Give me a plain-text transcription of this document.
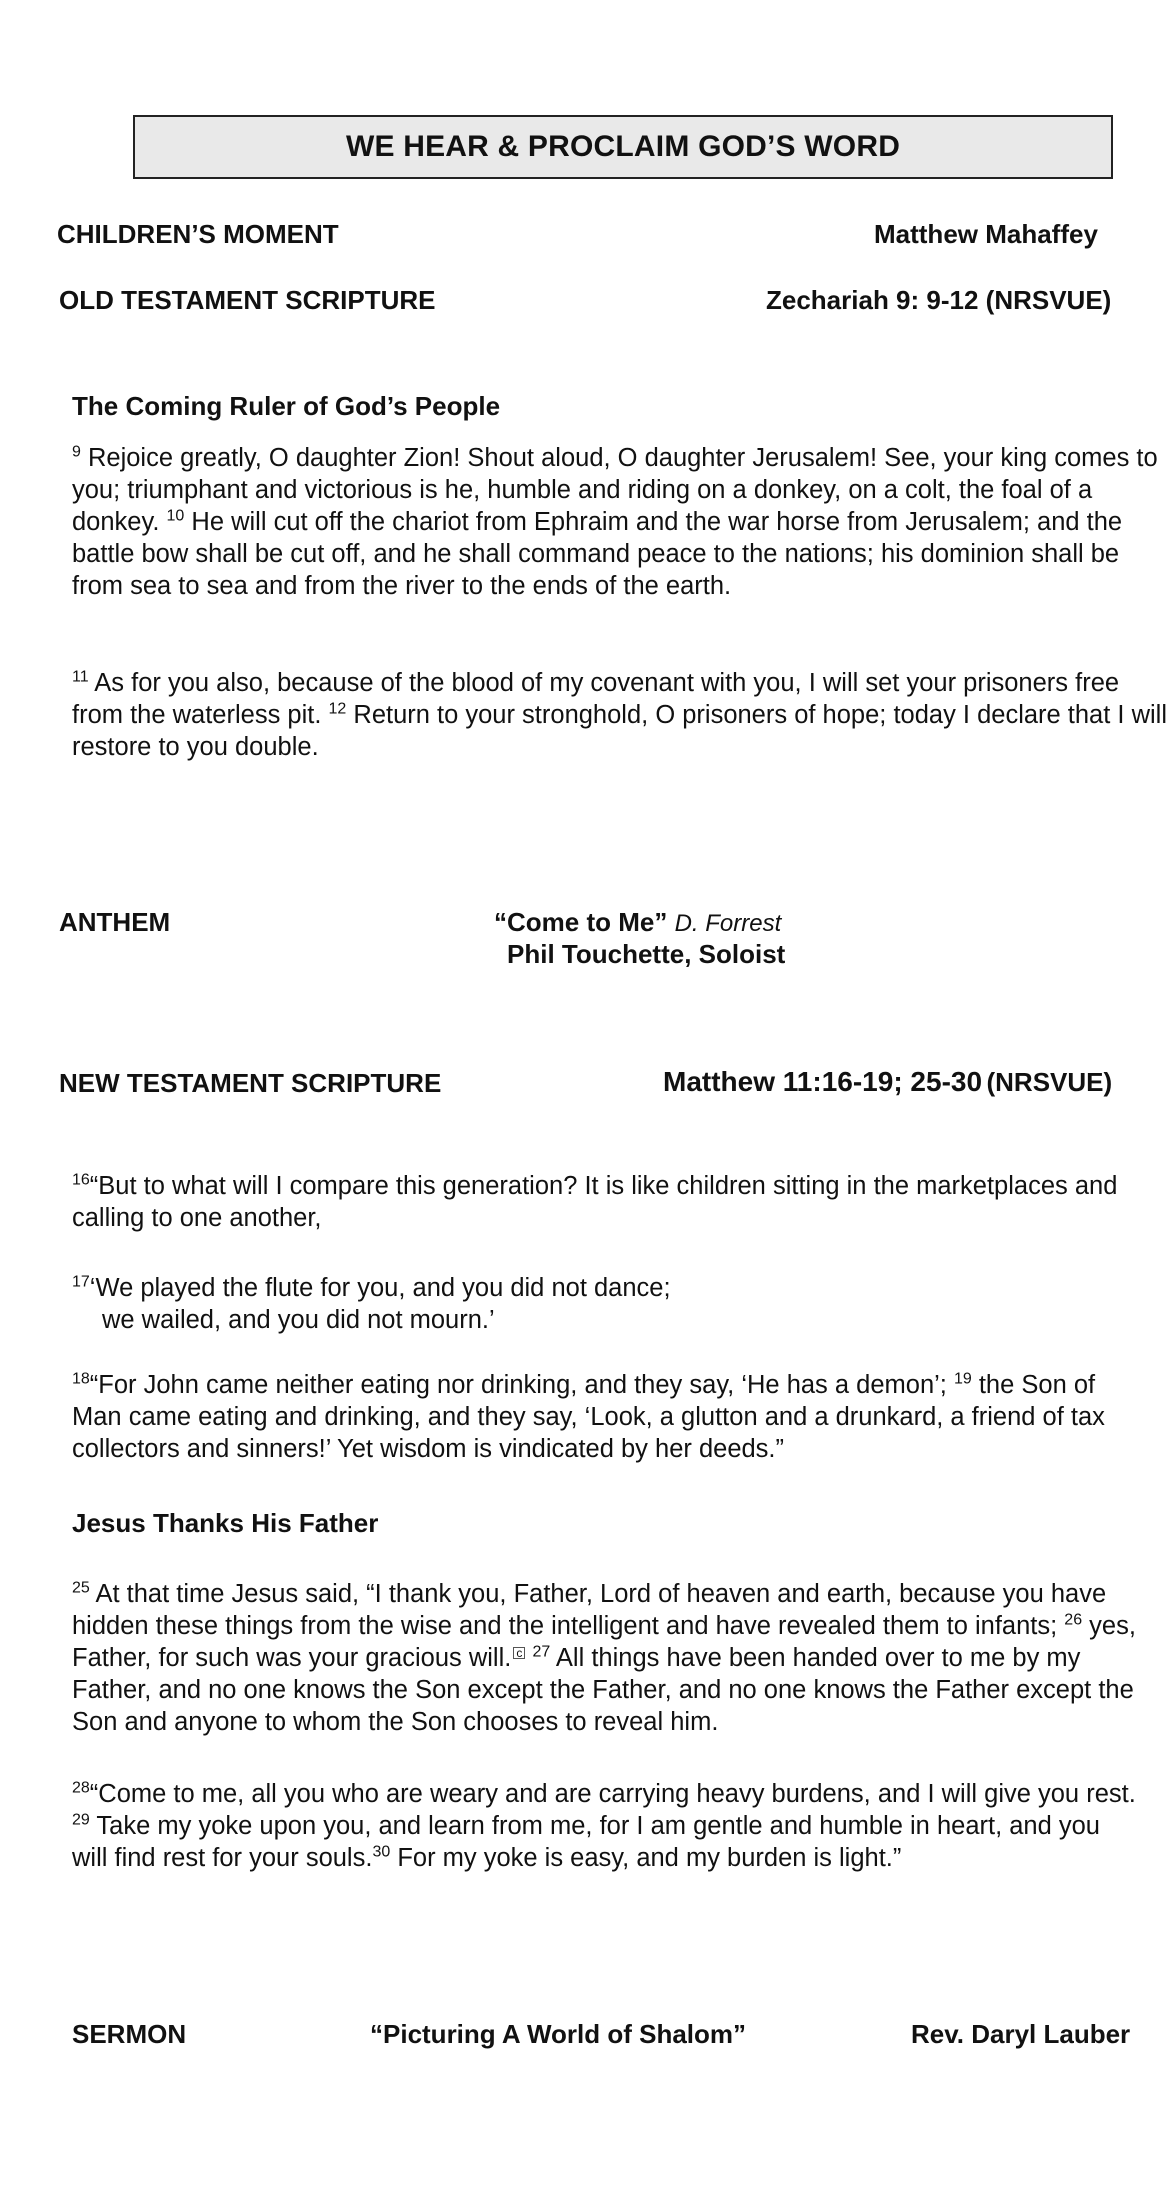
WE HEAR & PROCLAIM GOD’S WORD
CHILDREN’S MOMENT	Matthew Mahaffey
OLD TESTAMENT SCRIPTURE	Zechariah 9: 9-12 (NRSVUE)
The Coming Ruler of God’s People

$^9$ Rejoice greatly, O daughter Zion! Shout aloud, O daughter Jerusalem! See, your king comes to you; triumphant and victorious is he, humble and riding on a donkey, on a colt, the foal of a donkey. $^{10}$ He will cut off the chariot from Ephraim and the war horse from Jerusalem; and the battle bow shall be cut off, and he shall command peace to the nations; his dominion shall be from sea to sea and from the river to the ends of the earth.

$^{11}$ As for you also, because of the blood of my covenant with you, I will set your prisoners free from the waterless pit. $^{12}$ Return to your stronghold, O prisoners of hope; today I declare that I will restore to you double.

ANTHEM	“Come to Me” D. Forrest
Phil Touchette, Soloist
NEW TESTAMENT SCRIPTURE	Matthew 11:16-19; 25-30 (NRSVUE)

$^{16}$“But to what will I compare this generation? It is like children sitting in the marketplaces and calling to one another,

$^{17}$‘We played the flute for you, and you did not dance;

we wailed, and you did not mourn.’

$^{18}$“For John came neither eating nor drinking, and they say, ‘He has a demon’; $^{19}$ the Son of Man came eating and drinking, and they say, ‘Look, a glutton and a drunkard, a friend of tax collectors and sinners!’ Yet wisdom is vindicated by her deeds.”

Jesus Thanks His Father

$^{25}$ At that time Jesus said, “I thank you, Father, Lord of heaven and earth, because you have hidden these things from the wise and the intelligent and have revealed them to infants; $^{26}$ yes, Father, for such was your gracious will. c $^{27}$ All things have been handed over to me by my Father, and no one knows the Son except the Father, and no one knows the Father except the Son and anyone to whom the Son chooses to reveal him.

$^{28}$“Come to me, all you who are weary and are carrying heavy burdens, and I will give you rest. $^{29}$ Take my yoke upon you, and learn from me, for I am gentle and humble in heart, and you will find rest for your souls.$^{30}$ For my yoke is easy, and my burden is light.”

SERMON	“Picturing A World of Shalom”	Rev. Daryl Lauber
